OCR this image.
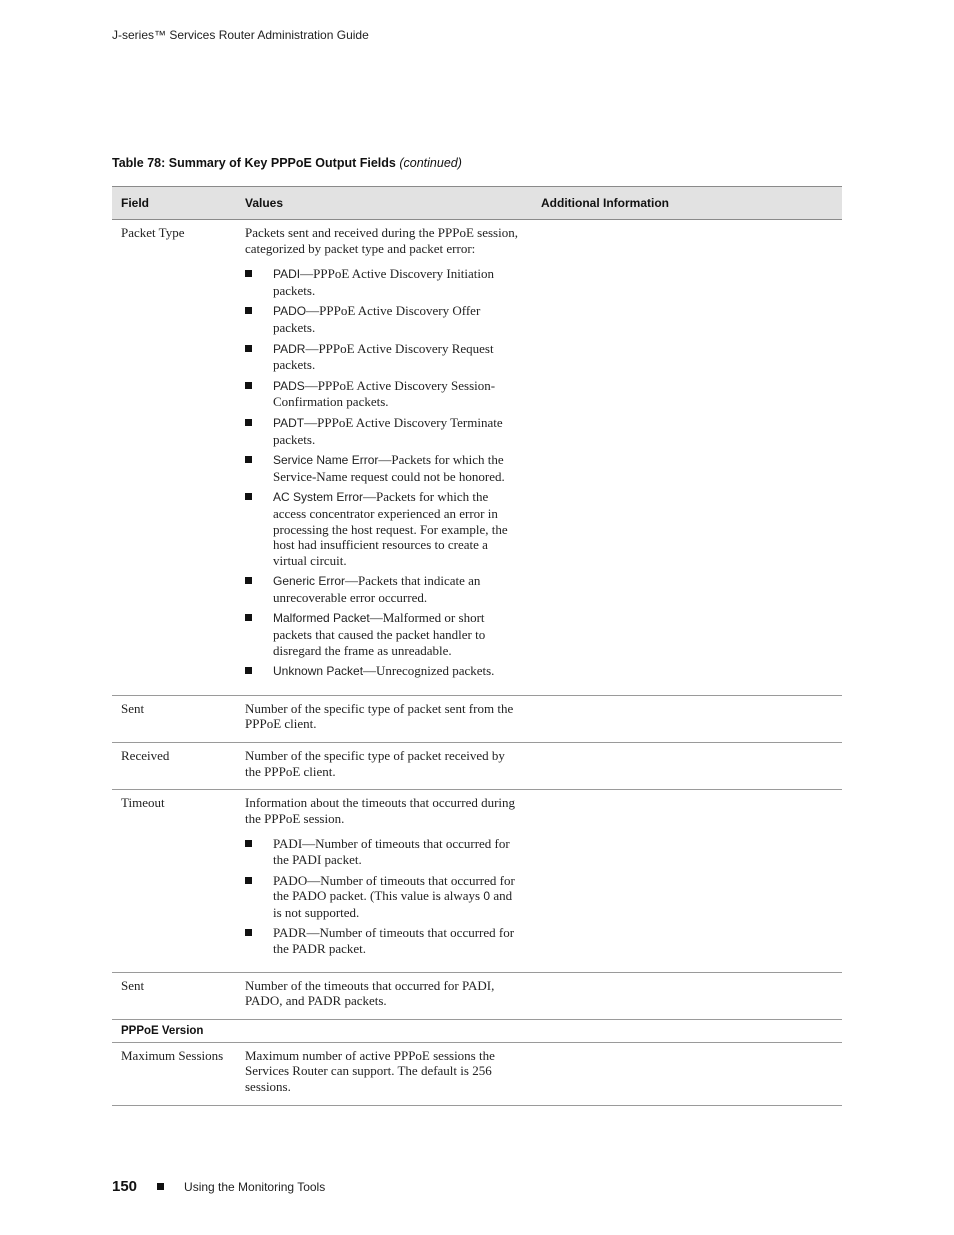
J-series™ Services Router Administration Guide
Table 78: Summary of Key PPPoE Output Fields (continued)
Field	Values	Additional Information
Packet Type	Packets sent and received during the PPPoE session, categorized by packet type and packet error:
PADI—PPPoE Active Discovery Initiation packets.
PADO—PPPoE Active Discovery Offer packets.
PADR—PPPoE Active Discovery Request packets.
PADS—PPPoE Active Discovery Session-Confirmation packets.
PADT—PPPoE Active Discovery Terminate packets.
Service Name Error—Packets for which the Service-Name request could not be honored.
AC System Error—Packets for which the access concentrator experienced an error in processing the host request. For example, the host had insufficient resources to create a virtual circuit.
Generic Error—Packets that indicate an unrecoverable error occurred.
Malformed Packet—Malformed or short packets that caused the packet handler to disregard the frame as unreadable.
Unknown Packet—Unrecognized packets.
Sent	Number of the specific type of packet sent from the PPPoE client.
Received	Number of the specific type of packet received by the PPPoE client.
Timeout	Information about the timeouts that occurred during the PPPoE session.
PADI—Number of timeouts that occurred for the PADI packet.
PADO—Number of timeouts that occurred for the PADO packet. (This value is always 0 and is not supported.
PADR—Number of timeouts that occurred for the PADR packet.
Sent	Number of the timeouts that occurred for PADI, PADO, and PADR packets.
PPPoE Version
Maximum Sessions	Maximum number of active PPPoE sessions the Services Router can support. The default is 256 sessions.
150	Using the Monitoring Tools
